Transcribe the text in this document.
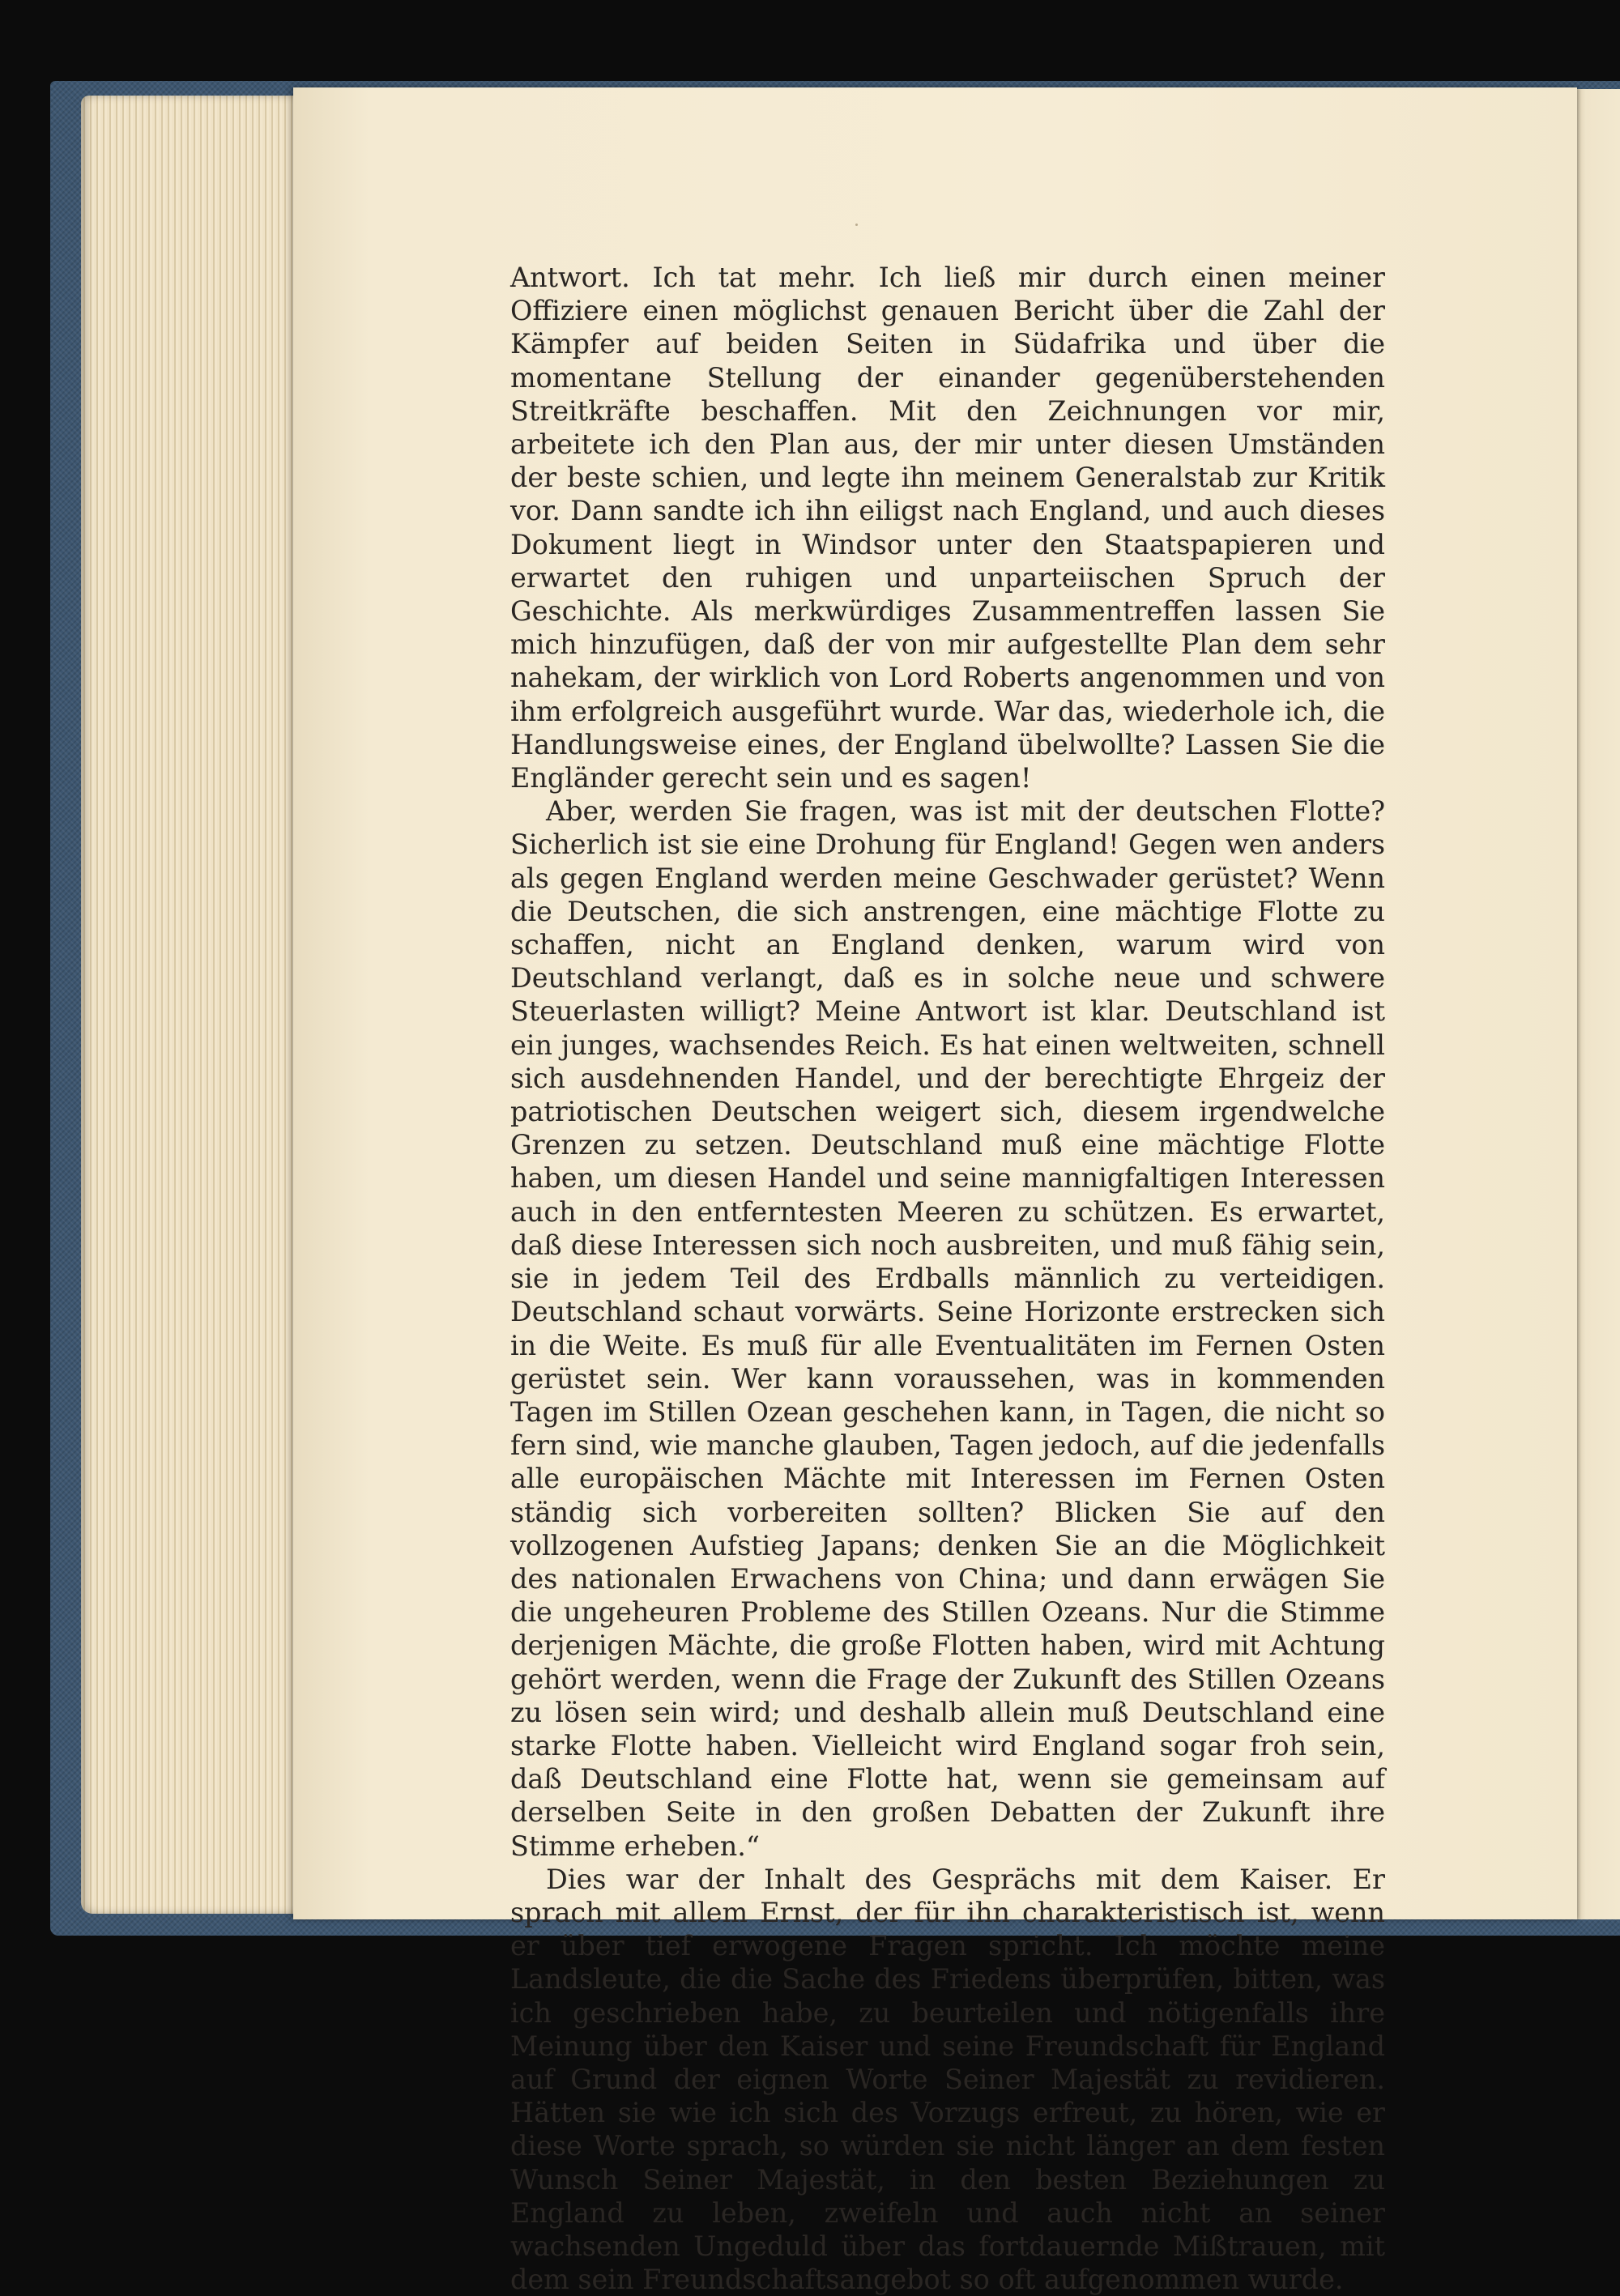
Antwort. Ich tat mehr. Ich ließ mir durch einen meiner Offiziere einen möglichst genauen Bericht über die Zahl der Kämpfer auf beiden Seiten in Südafrika und über die momentane Stellung der einander gegenüberstehenden Streitkräfte beschaffen. Mit den Zeichnungen vor mir, arbeitete ich den Plan aus, der mir unter diesen Umständen der beste schien, und legte ihn meinem Generalstab zur Kritik vor. Dann sandte ich ihn eiligst nach England, und auch dieses Dokument liegt in Windsor unter den Staatspapieren und erwartet den ruhigen und unparteiischen Spruch der Geschichte. Als merkwürdiges Zusammentreffen lassen Sie mich hinzufügen, daß der von mir aufgestellte Plan dem sehr nahekam, der wirklich von Lord Roberts angenommen und von ihm erfolgreich ausgeführt wurde. War das, wiederhole ich, die Handlungsweise eines, der England übelwollte? Lassen Sie die Engländer gerecht sein und es sagen!

Aber, werden Sie fragen, was ist mit der deutschen Flotte? Sicherlich ist sie eine Drohung für England! Gegen wen anders als gegen England werden meine Geschwader gerüstet? Wenn die Deutschen, die sich anstrengen, eine mächtige Flotte zu schaffen, nicht an England denken, warum wird von Deutschland verlangt, daß es in solche neue und schwere Steuerlasten willigt? Meine Antwort ist klar. Deutschland ist ein junges, wachsendes Reich. Es hat einen weltweiten, schnell sich ausdehnenden Handel, und der berechtigte Ehrgeiz der patriotischen Deutschen weigert sich, diesem irgendwelche Grenzen zu setzen. Deutschland muß eine mächtige Flotte haben, um diesen Handel und seine mannigfaltigen Interessen auch in den entferntesten Meeren zu schützen. Es erwartet, daß diese Interessen sich noch ausbreiten, und muß fähig sein, sie in jedem Teil des Erdballs männlich zu verteidigen. Deutschland schaut vorwärts. Seine Horizonte erstrecken sich in die Weite. Es muß für alle Eventualitäten im Fernen Osten gerüstet sein. Wer kann voraussehen, was in kommenden Tagen im Stillen Ozean geschehen kann, in Tagen, die nicht so fern sind, wie manche glauben, Tagen jedoch, auf die jedenfalls alle europäischen Mächte mit Interessen im Fernen Osten ständig sich vorbereiten sollten? Blicken Sie auf den vollzogenen Aufstieg Japans; denken Sie an die Möglichkeit des nationalen Erwachens von China; und dann erwägen Sie die ungeheuren Probleme des Stillen Ozeans. Nur die Stimme derjenigen Mächte, die große Flotten haben, wird mit Achtung gehört werden, wenn die Frage der Zukunft des Stillen Ozeans zu lösen sein wird; und deshalb allein muß Deutschland eine starke Flotte haben. Vielleicht wird England sogar froh sein, daß Deutschland eine Flotte hat, wenn sie gemeinsam auf derselben Seite in den großen Debatten der Zukunft ihre Stimme erheben.“

Dies war der Inhalt des Gesprächs mit dem Kaiser. Er sprach mit allem Ernst, der für ihn charakteristisch ist, wenn er über tief erwogene Fragen spricht. Ich möchte meine Landsleute, die die Sache des Friedens überprüfen, bitten, was ich geschrieben habe, zu beurteilen und nötigenfalls ihre Meinung über den Kaiser und seine Freundschaft für England auf Grund der eignen Worte Seiner Majestät zu revidieren. Hätten sie wie ich sich des Vorzugs erfreut, zu hören, wie er diese Worte sprach, so würden sie nicht länger an dem festen Wunsch Seiner Majestät, in den besten Beziehungen zu England zu leben, zweifeln und auch nicht an seiner wachsenden Ungeduld über das fortdauernde Mißtrauen, mit dem sein Freundschaftsangebot so oft aufgenommen wurde.
